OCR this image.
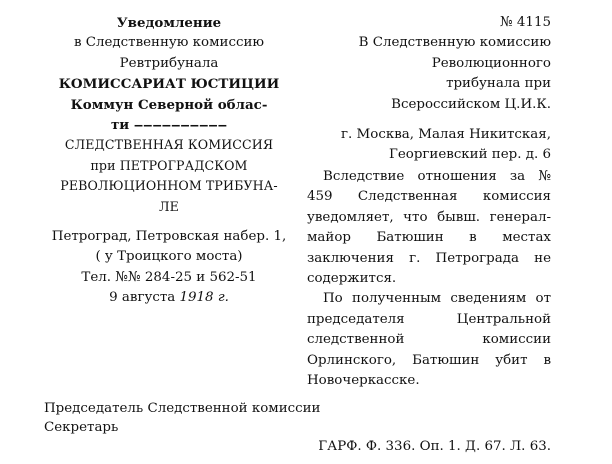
Уведомление
в Следственную комиссию
Ревтрибунала
КОМИССАРИАТ ЮСТИЦИИ
Коммун Северной облас-
ти ‒‒‒‒‒‒‒‒‒‒
СЛЕДСТВЕННАЯ КОМИССИЯ
при ПЕТРОГРАДСКОМ
РЕВОЛЮЦИОННОМ ТРИБУНА-
ЛЕ
Петроград, Петровская набер. 1,
( у Троицкого моста)
Тел. №№ 284-25 и 562-51
9 августа 1918 г.
№ 4115
В Следственную комиссию
Революционного
трибунала при
Всероссийском Ц.И.К.
г. Москва, Малая Никитская,
Георгиевский пер. д. 6

Вследствие отношения за № 459 Следственная комиссия уведомляет, что бывш. генерал-майор Батюшин в местах заключения г. Петрограда не содержится.

По полученным сведениям от председателя Центральной следственной комиссии Орлинского, Батюшин убит в Новочеркасске.

Председатель Следственной комиссии
Секретарь
ГАРФ. Ф. 336. Оп. 1. Д. 67. Л. 63.
